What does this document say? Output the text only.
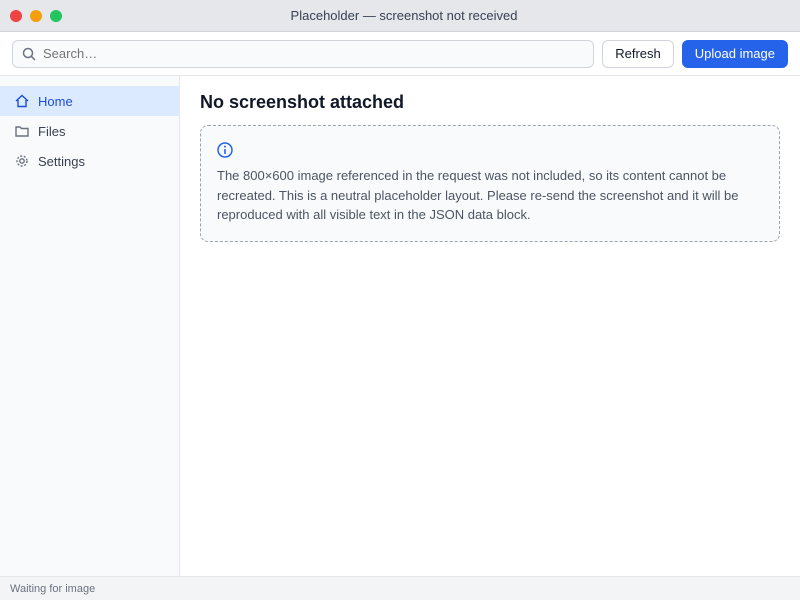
Placeholder — screenshot not received
Search…
Refresh	Upload image
Home
Files
Settings
No screenshot attached

The 800×600 image referenced in the request was not included, so its content cannot be recreated. This is a neutral placeholder layout. Please re-send the screenshot and it will be reproduced with all visible text in the JSON data block.

Waiting for image
